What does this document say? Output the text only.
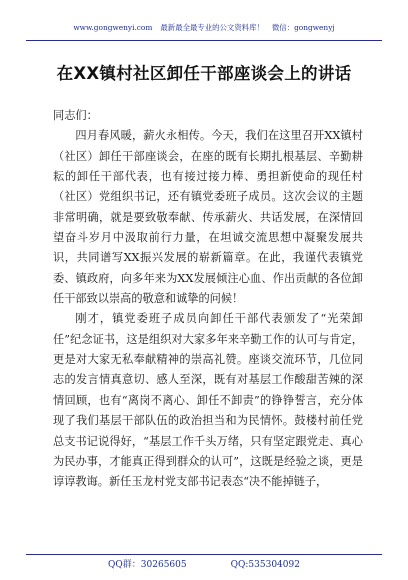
www.gongwenyi.com 最新最全最专业的公文资料库！ 微信：gongwenyj
在XX镇村社区卸任干部座谈会上的讲话

同志们：

四月春风暖，薪火永相传。今天，我们在这里召开XX镇村（社区）卸任干部座谈会，在座的既有长期扎根基层、辛勤耕耘的卸任干部代表，也有接过接力棒、勇担新使命的现任村（社区）党组织书记，还有镇党委班子成员。这次会议的主题非常明确，就是要致敬奉献、传承薪火、共话发展，在深情回望奋斗岁月中汲取前行力量，在坦诚交流思想中凝聚发展共识，共同谱写XX振兴发展的崭新篇章。在此，我谨代表镇党委、镇政府，向多年来为XX发展倾注心血、作出贡献的各位卸任干部致以崇高的敬意和诚挚的问候！

刚才，镇党委班子成员向卸任干部代表颁发了“光荣卸任”纪念证书，这是组织对大家多年来辛勤工作的认可与肯定，更是对大家无私奉献精神的崇高礼赞。座谈交流环节，几位同志的发言情真意切、感人至深，既有对基层工作酸甜苦辣的深情回顾，也有“离岗不离心、卸任不卸责”的铮铮誓言，充分体现了我们基层干部队伍的政治担当和为民情怀。鼓楼村前任党总支书记说得好，“基层工作千头万绪，只有坚定跟党走、真心为民办事，才能真正得到群众的认可”，这既是经验之谈，更是谆谆教诲。新任玉龙村党支部书记表态“决不能掉链子，

QQ群：30265605	QQ:535304092
